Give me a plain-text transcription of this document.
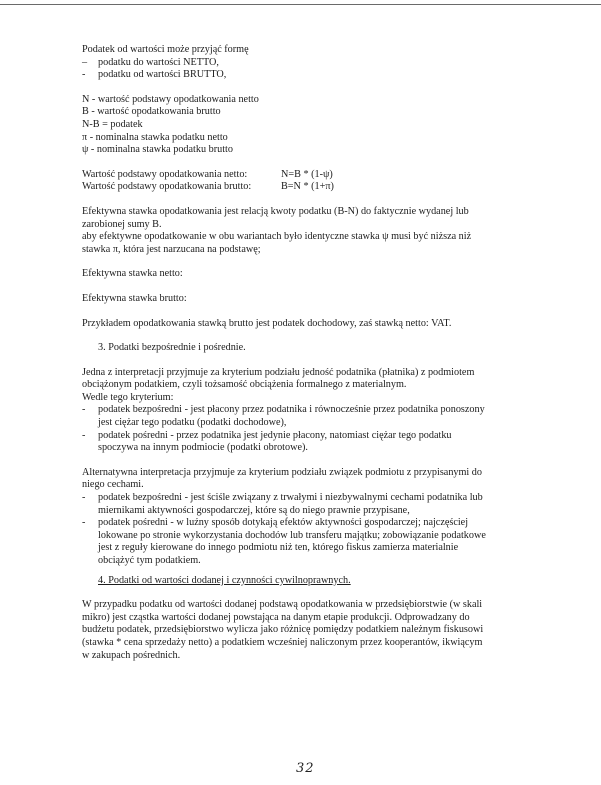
Podatek od wartości może przyjąć formę
–	podatku do wartości NETTO,
-	podatku od wartości BRUTTO,
N - wartość podstawy opodatkowania netto
B - wartość opodatkowania brutto
N-B = podatek
π - nominalna stawka podatku netto
ψ - nominalna stawka podatku brutto
Wartość podstawy opodatkowania netto:	N=B * (1-ψ)
Wartość podstawy opodatkowania brutto:	B=N * (1+π)
Efektywna stawka opodatkowania jest relacją kwoty podatku (B-N) do faktycznie wydanej lub
zarobionej sumy B.
aby efektywne opodatkowanie w obu wariantach było identyczne stawka ψ musi być niższa niż
stawka π, która jest narzucana na podstawę;
Efektywna stawka netto:
Efektywna stawka brutto:
Przykładem opodatkowania stawką brutto jest podatek dochodowy, zaś stawką netto: VAT.
3. Podatki bezpośrednie i pośrednie.
Jedna z interpretacji przyjmuje za kryterium podziału jedność podatnika (płatnika) z podmiotem
obciążonym podatkiem, czyli tożsamość obciążenia formalnego z materialnym.
Wedle tego kryterium:
-	podatek bezpośredni - jest płacony przez podatnika i równocześnie przez podatnika ponoszony
jest ciężar tego podatku (podatki dochodowe),
-	podatek pośredni - przez podatnika jest jedynie płacony, natomiast ciężar tego podatku
spoczywa na innym podmiocie (podatki obrotowe).
Alternatywna interpretacja przyjmuje za kryterium podziału związek podmiotu z przypisanymi do
niego cechami.
-	podatek bezpośredni - jest ściśle związany z trwałymi i niezbywalnymi cechami podatnika lub
miernikami aktywności gospodarczej, które są do niego prawnie przypisane,
-	podatek pośredni - w luźny sposób dotykają efektów aktywności gospodarczej; najczęściej
lokowane po stronie wykorzystania dochodów lub transferu majątku; zobowiązanie podatkowe
jest z reguły kierowane do innego podmiotu niż ten, którego fiskus zamierza materialnie
obciążyć tym podatkiem.
4. Podatki od wartości dodanej i czynności cywilnoprawnych.
W przypadku podatku od wartości dodanej podstawą opodatkowania w przedsiębiorstwie (w skali
mikro) jest cząstka wartości dodanej powstająca na danym etapie produkcji. Odprowadzany do
budżetu podatek, przedsiębiorstwo wylicza jako różnicę pomiędzy podatkiem należnym fiskusowi
(stawka * cena sprzedaży netto) a podatkiem wcześniej naliczonym przez kooperantów, ikwiącym
w zakupach pośrednich.
32
